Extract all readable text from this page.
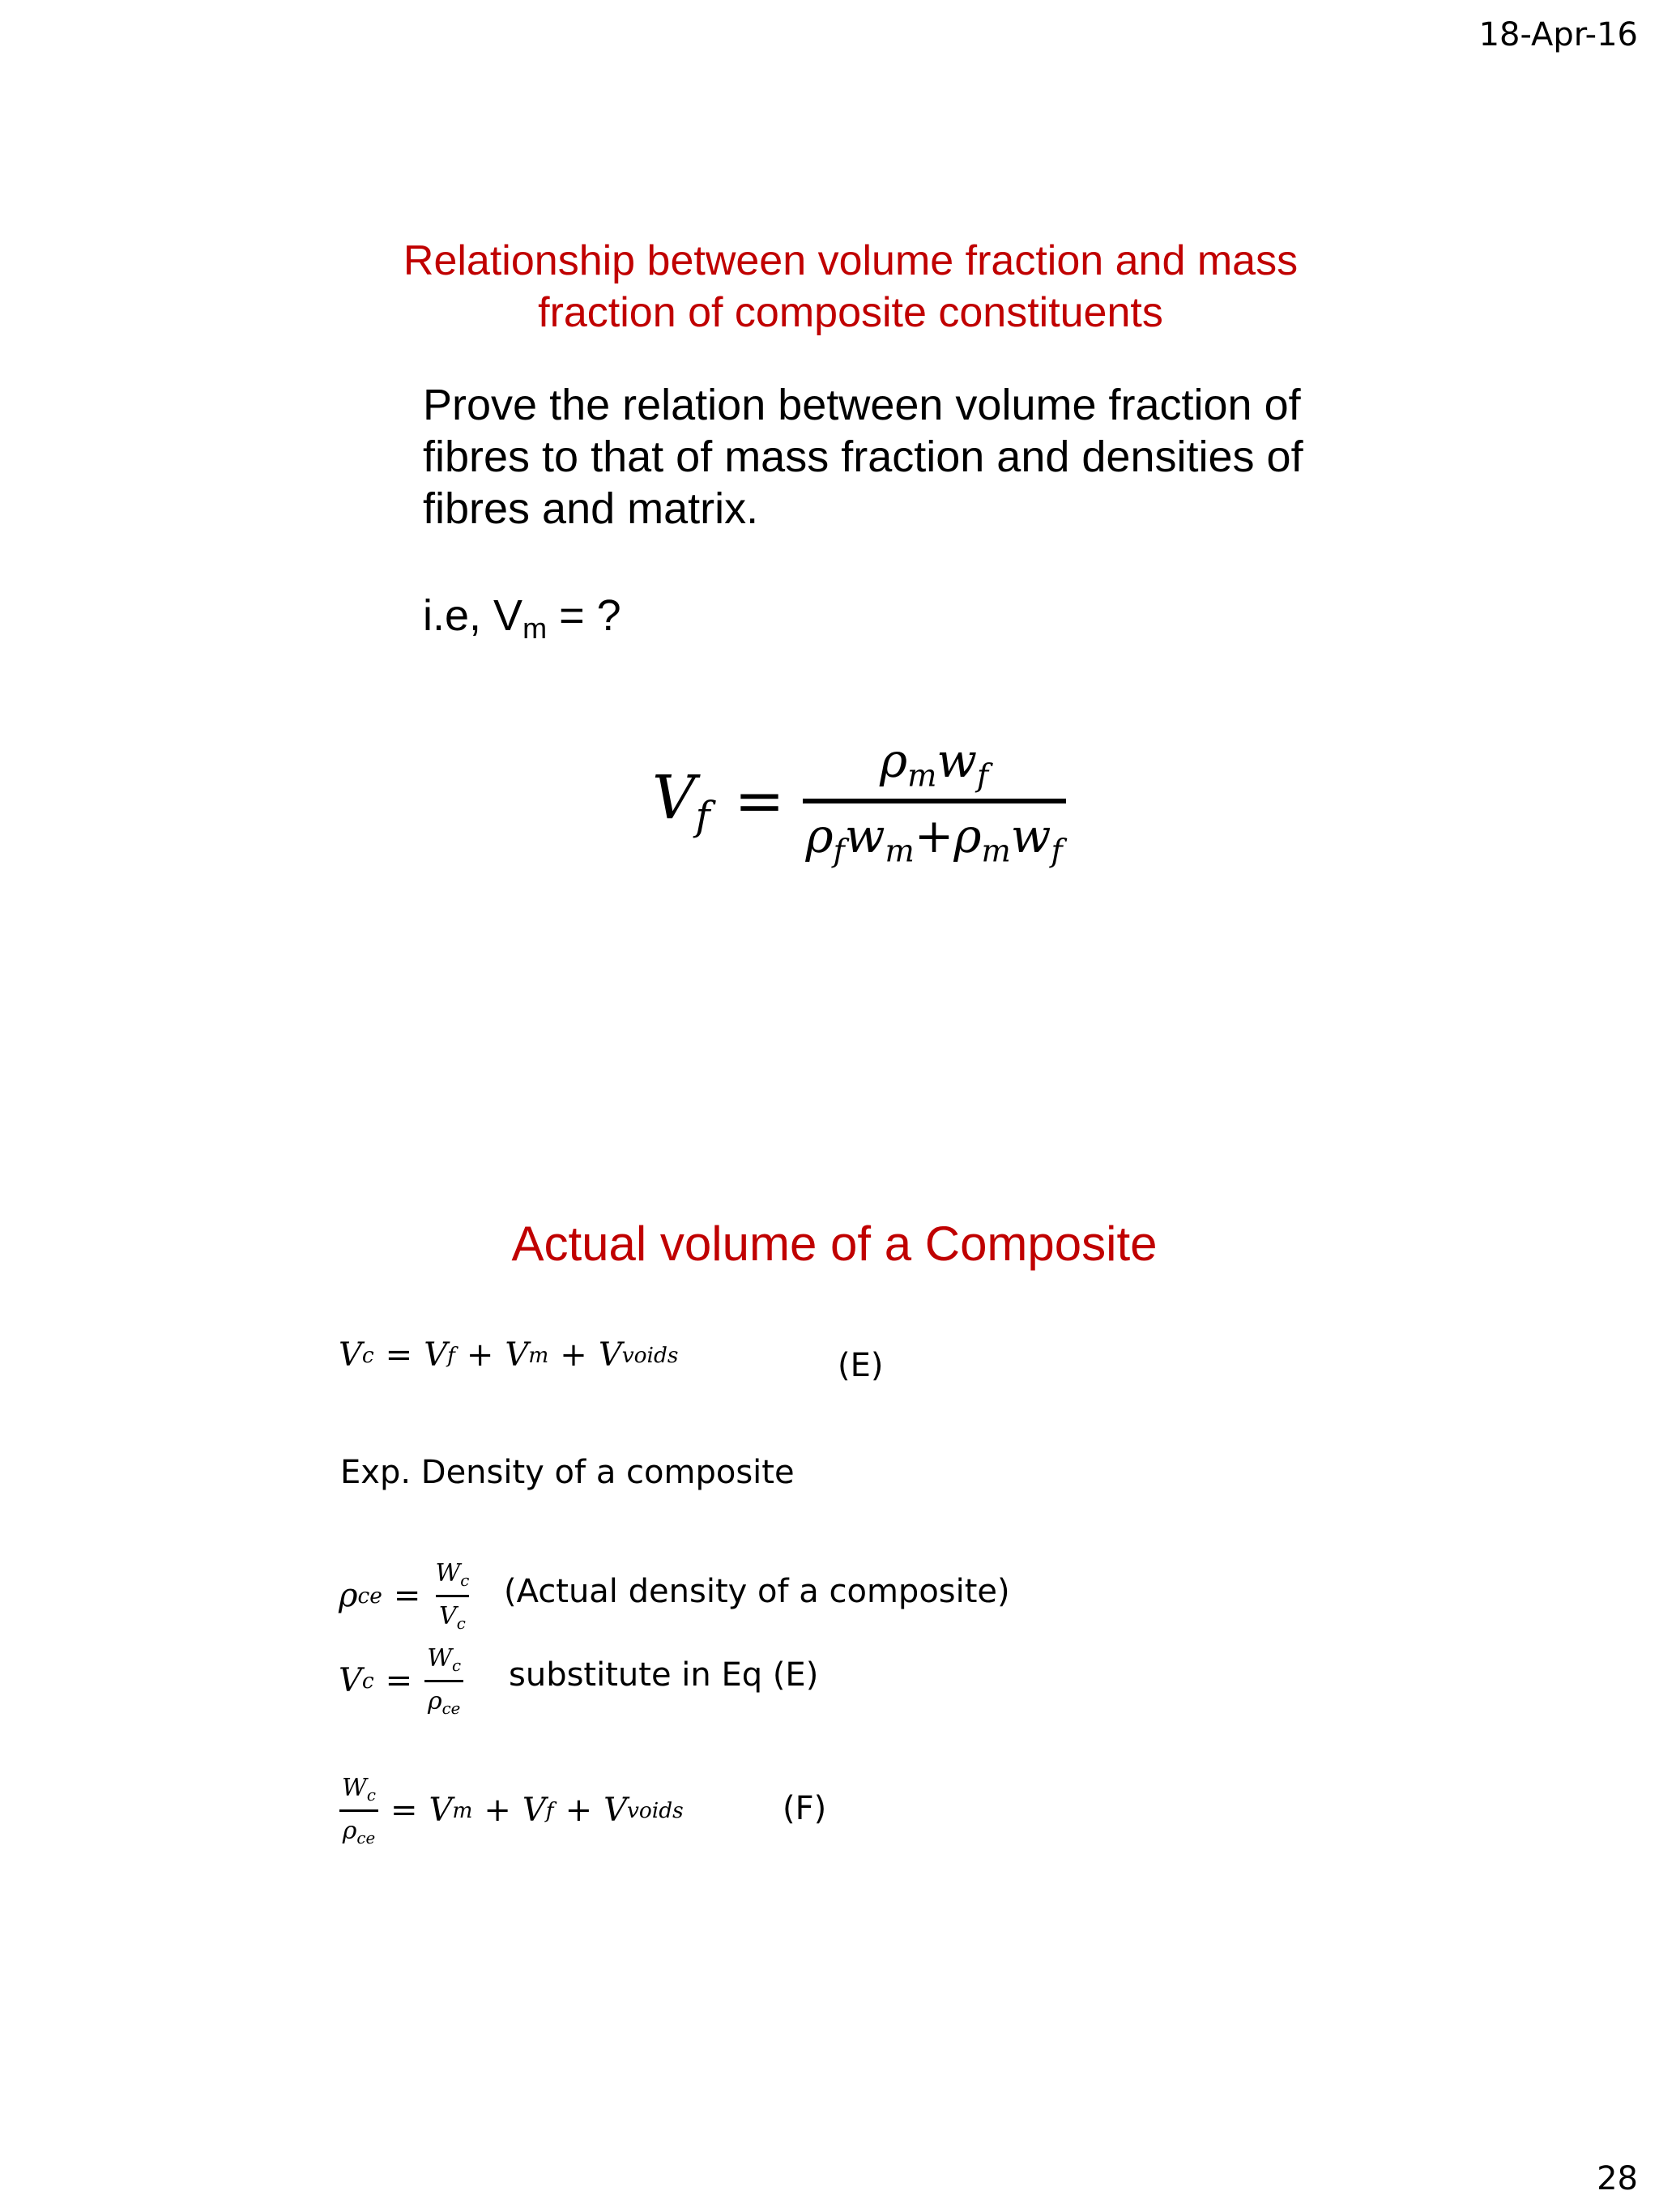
18-Apr-16
28
Relationship between volume fraction and mass fraction of composite constituents
Prove the relation between volume fraction of fibres to that of mass fraction and densities of fibres and matrix.
i.e, $V_m$ = ?
$V_f = \frac{\rho_mw_f}{\rho_fw_m+\rho_mw_f}$
Actual volume of a Composite
V c = V f + V m + V voids	(E)
Exp. Density of a composite
ρ ce = $\frac{W_c}{V_c}$ (Actual density of a composite)
V $c = \frac{W_c}{\rho_{ce}}$ substitute in Eq (E)
$\frac{W_c}{\rho_{ce}} = V$ m + V f + V voids	(F)
